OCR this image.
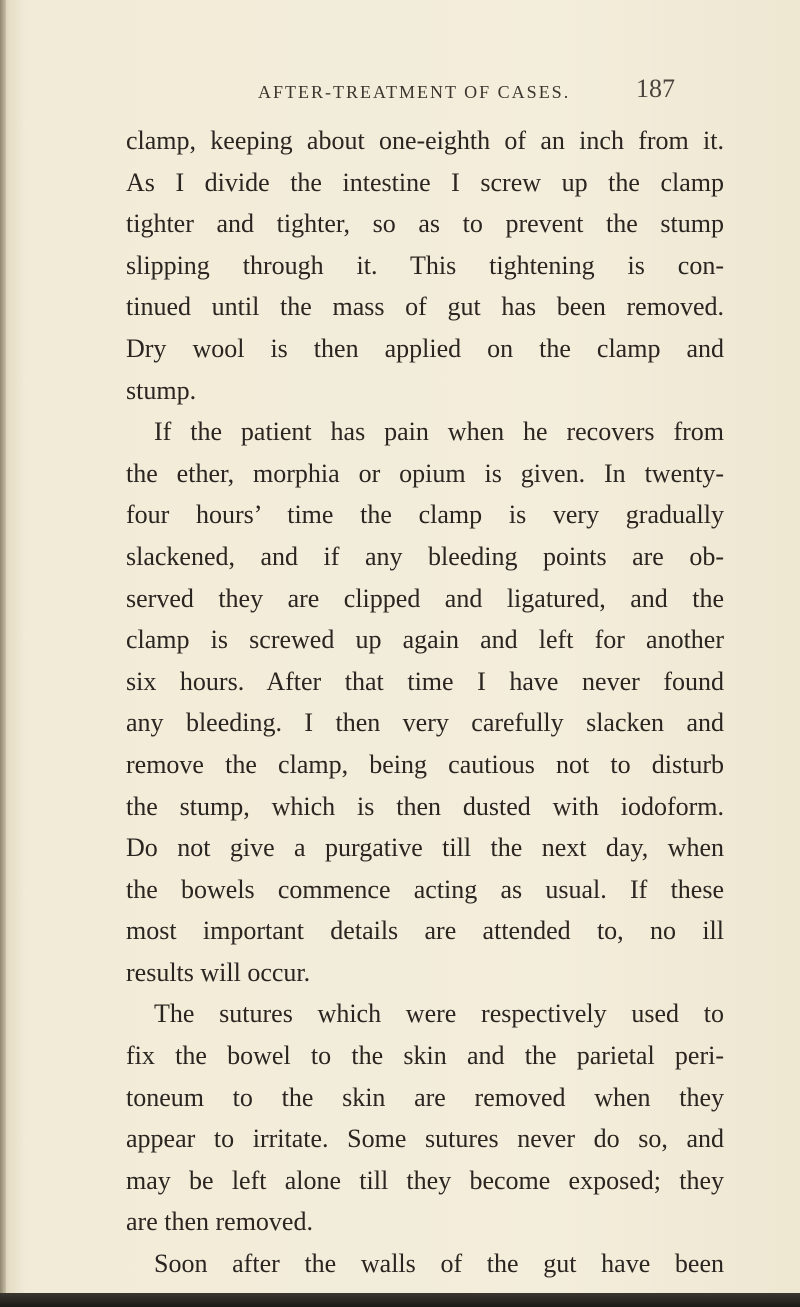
AFTER-TREATMENT OF CASES.	187
clamp, keeping about one-eighth of an inch from it.
As I divide the intestine I screw up the clamp
tighter and tighter, so as to prevent the stump
slipping through it. This tightening is con-
tinued until the mass of gut has been removed.
Dry wool is then applied on the clamp and
stump.
If the patient has pain when he recovers from
the ether, morphia or opium is given. In twenty-
four hours’ time the clamp is very gradually
slackened, and if any bleeding points are ob-
served they are clipped and ligatured, and the
clamp is screwed up again and left for another
six hours. After that time I have never found
any bleeding. I then very carefully slacken and
remove the clamp, being cautious not to disturb
the stump, which is then dusted with iodoform.
Do not give a purgative till the next day, when
the bowels commence acting as usual. If these
most important details are attended to, no ill
results will occur.
The sutures which were respectively used to
fix the bowel to the skin and the parietal peri-
toneum to the skin are removed when they
appear to irritate. Some sutures never do so, and
may be left alone till they become exposed; they
are then removed.
Soon after the walls of the gut have been
